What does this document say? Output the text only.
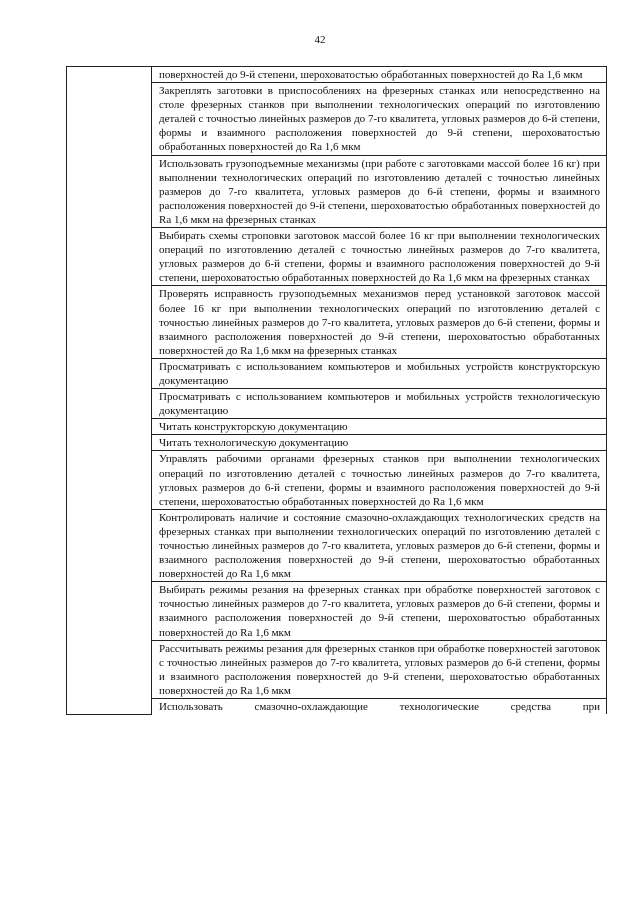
42
	поверхностей до 9-й степени, шероховатостью обработанных поверхностей до Ra 1,6 мкм
Закреплять заготовки в приспособлениях на фрезерных станках или непосредственно на столе фрезерных станков при выполнении технологических операций по изготовлению деталей с точностью линейных размеров до 7-го квалитета, угловых размеров до 6-й степени, формы и взаимного расположения поверхностей до 9-й степени, шероховатостью обработанных поверхностей до Ra 1,6 мкм
Использовать грузоподъемные механизмы (при работе с заготовками массой более 16 кг) при выполнении технологических операций по изготовлению деталей с точностью линейных размеров до 7-го квалитета, угловых размеров до 6-й степени, формы и взаимного расположения поверхностей до 9-й степени, шероховатостью обработанных поверхностей до Ra 1,6 мкм на фрезерных станках
Выбирать схемы строповки заготовок массой более 16 кг при выполнении технологических операций по изготовлению деталей с точностью линейных размеров до 7-го квалитета, угловых размеров до 6-й степени, формы и взаимного расположения поверхностей до 9-й степени, шероховатостью обработанных поверхностей до Ra 1,6 мкм на фрезерных станках
Проверять исправность грузоподъемных механизмов перед установкой заготовок массой более 16 кг при выполнении технологических операций по изготовлению деталей с точностью линейных размеров до 7-го квалитета, угловых размеров до 6-й степени, формы и взаимного расположения поверхностей до 9-й степени, шероховатостью обработанных поверхностей до Ra 1,6 мкм на фрезерных станках
Просматривать с использованием компьютеров и мобильных устройств конструкторскую документацию
Просматривать с использованием компьютеров и мобильных устройств технологическую документацию
Читать конструкторскую документацию
Читать технологическую документацию
Управлять рабочими органами фрезерных станков при выполнении технологических операций по изготовлению деталей с точностью линейных размеров до 7-го квалитета, угловых размеров до 6-й степени, формы и взаимного расположения поверхностей до 9-й степени, шероховатостью обработанных поверхностей до Ra 1,6 мкм
Контролировать наличие и состояние смазочно-охлаждающих технологических средств на фрезерных станках при выполнении технологических операций по изготовлению деталей с точностью линейных размеров до 7-го квалитета, угловых размеров до 6-й степени, формы и взаимного расположения поверхностей до 9-й степени, шероховатостью обработанных поверхностей до Ra 1,6 мкм
Выбирать режимы резания на фрезерных станках при обработке поверхностей заготовок с точностью линейных размеров до 7-го квалитета, угловых размеров до 6-й степени, формы и взаимного расположения поверхностей до 9-й степени, шероховатостью обработанных поверхностей до Ra 1,6 мкм
Рассчитывать режимы резания для фрезерных станков при обработке поверхностей заготовок с точностью линейных размеров до 7-го квалитета, угловых размеров до 6-й степени, формы и взаимного расположения поверхностей до 9-й степени, шероховатостью обработанных поверхностей до Ra 1,6 мкм
Использовать смазочно-охлаждающие технологические средства при
